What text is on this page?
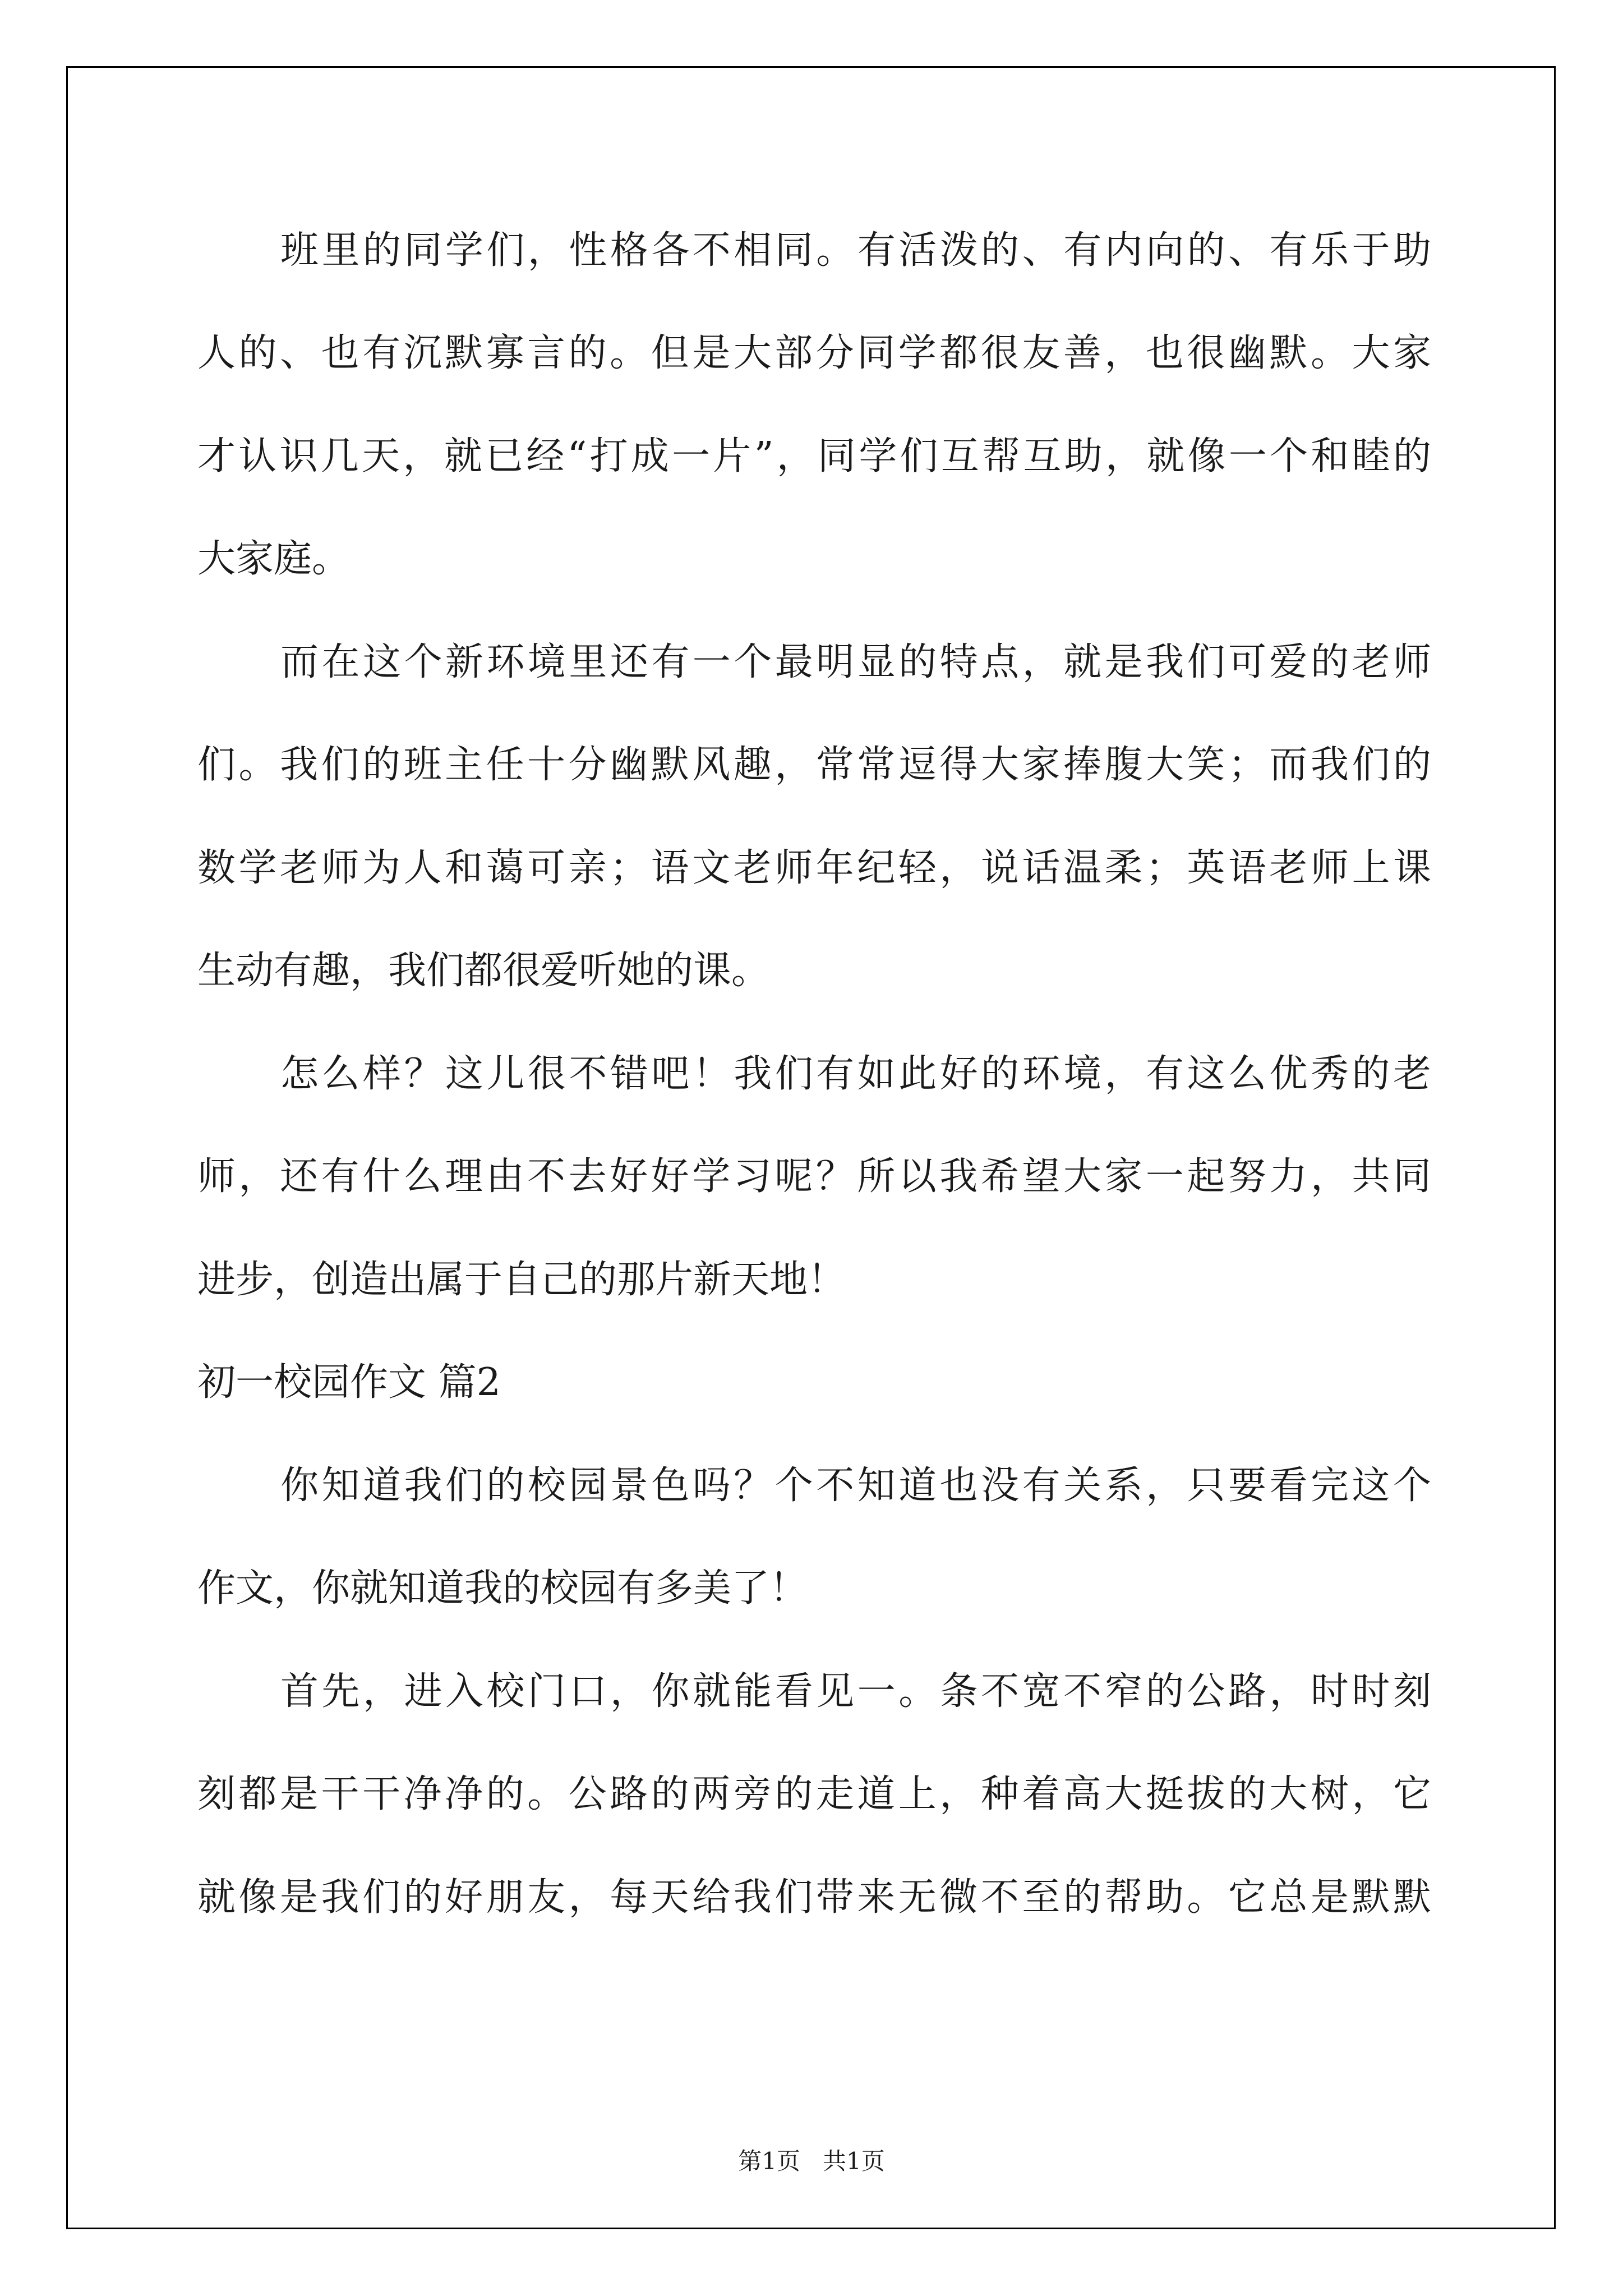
班里的同学们，性格各不相同。有活泼的、有内向的、有乐于助
人的、也有沉默寡言的。但是大部分同学都很友善，也很幽默。大家
才认识几天，就已经“打成一片”，同学们互帮互助，就像一个和睦的
大家庭。
而在这个新环境里还有一个最明显的特点，就是我们可爱的老师
们。我们的班主任十分幽默风趣，常常逗得大家捧腹大笑；而我们的
数学老师为人和蔼可亲；语文老师年纪轻，说话温柔；英语老师上课
生动有趣，我们都很爱听她的课。
怎么样？这儿很不错吧！我们有如此好的环境，有这么优秀的老
师，还有什么理由不去好好学习呢？所以我希望大家一起努力，共同
进步，创造出属于自己的那片新天地！
初一校园作文 篇2
你知道我们的校园景色吗？个不知道也没有关系，只要看完这个
作文，你就知道我的校园有多美了！
首先，进入校门口，你就能看见一。条不宽不窄的公路，时时刻
刻都是干干净净的。公路的两旁的走道上，种着高大挺拔的大树，它
就像是我们的好朋友，每天给我们带来无微不至的帮助。它总是默默
第1页   共1页
